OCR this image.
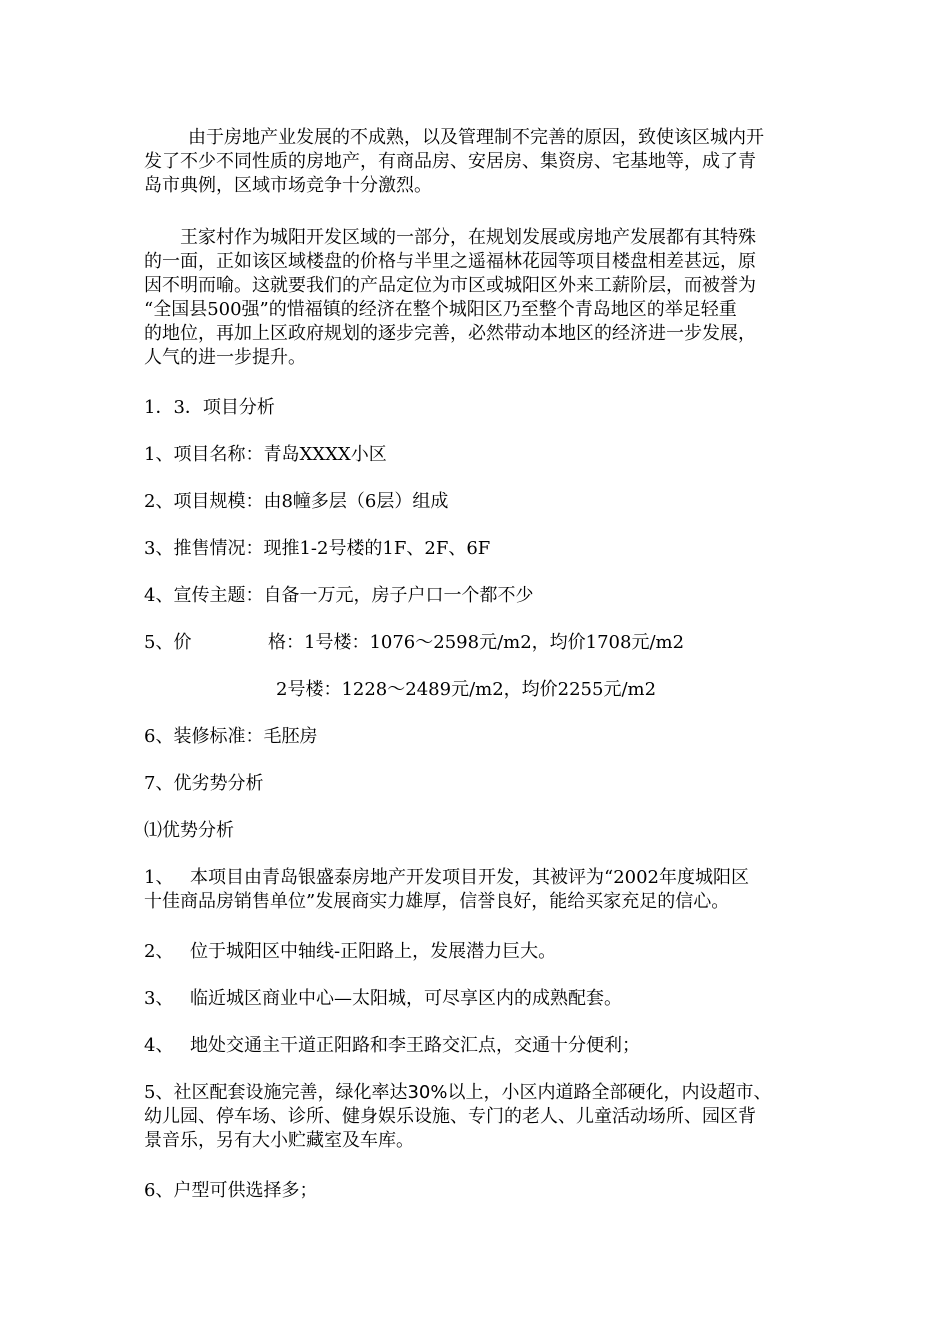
由于房地产业发展的不成熟，以及管理制不完善的原因，致使该区城内开
发了不少不同性质的房地产，有商品房、安居房、集资房、宅基地等，成了青
岛市典例，区域市场竞争十分激烈。
王家村作为城阳开发区域的一部分，在规划发展或房地产发展都有其特殊
的一面，正如该区域楼盘的价格与半里之遥福林花园等项目楼盘相差甚远，原
因不明而喻。这就要我们的产品定位为市区或城阳区外来工薪阶层，而被誉为
“全国县500强”的惜福镇的经济在整个城阳区乃至整个青岛地区的举足轻重
的地位，再加上区政府规划的逐步完善，必然带动本地区的经济进一步发展，
人气的进一步提升。
1．3．项目分析
1、项目名称：青岛XXXX小区
2、项目规模：由8幢多层（6层）组成
3、推售情况：现推1-2号楼的1F、2F、6F
4、宣传主题：自备一万元，房子户口一个都不少
5、价	格：1号楼：1076～2598元/m2，均价1708元/m2
2号楼：1228～2489元/m2，均价2255元/m2
6、装修标准：毛胚房
7、优劣势分析
⑴优势分析
1、 本项目由青岛银盛泰房地产开发项目开发，其被评为“2002年度城阳区
十佳商品房销售单位”发展商实力雄厚，信誉良好，能给买家充足的信心。
2、 位于城阳区中轴线-正阳路上，发展潜力巨大。
3、 临近城区商业中心—太阳城，可尽享区内的成熟配套。
4、 地处交通主干道正阳路和李王路交汇点，交通十分便利；
5、社区配套设施完善，绿化率达30%以上，小区内道路全部硬化，内设超市、
幼儿园、停车场、诊所、健身娱乐设施、专门的老人、儿童活动场所、园区背
景音乐，另有大小贮藏室及车库。
6、户型可供选择多；
